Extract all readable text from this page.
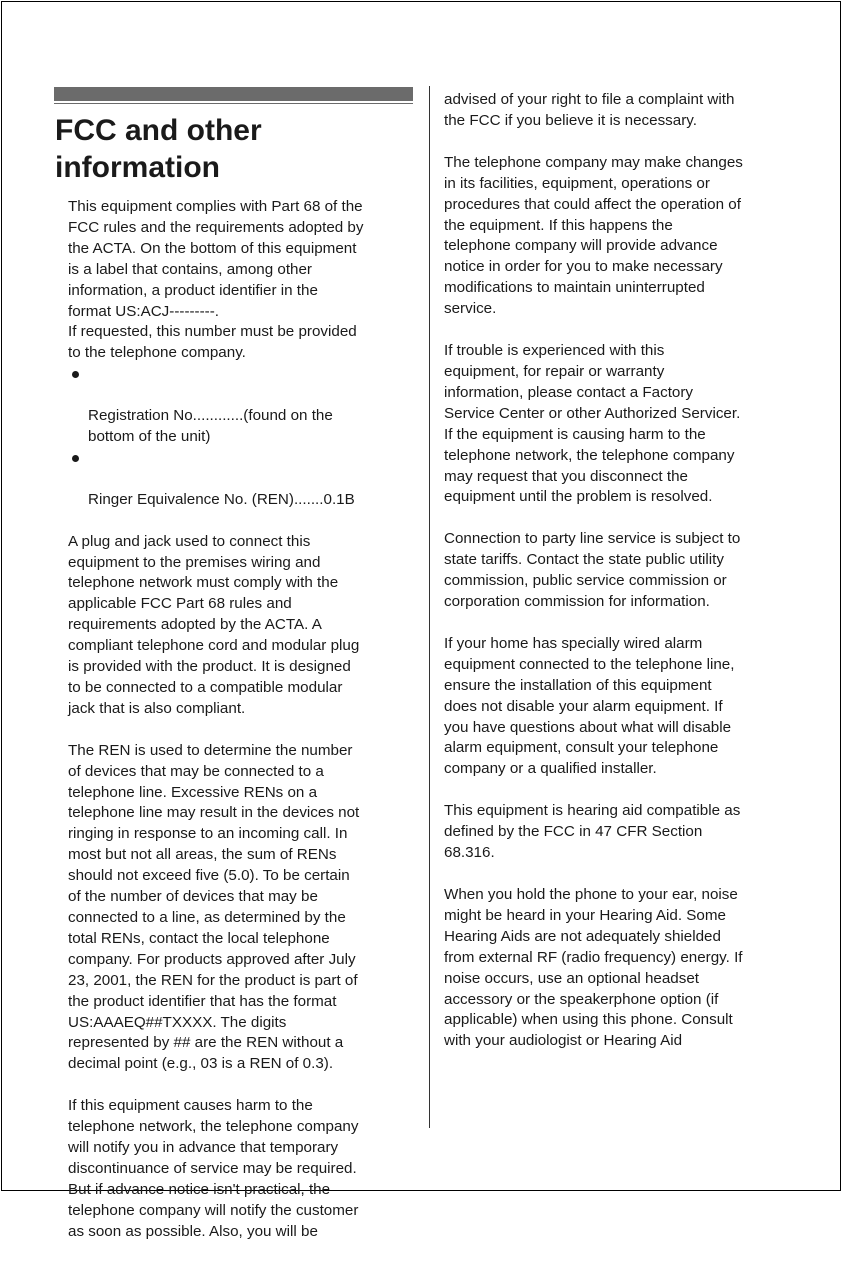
FCC and other
information

This equipment complies with Part 68 of the
FCC rules and the requirements adopted by
the ACTA. On the bottom of this equipment
is a label that contains, among other
information, a product identifier in the
format US:ACJ---------.

If requested, this number must be provided
to the telephone company.

Registration No............(found on the
bottom of the unit)

Ringer Equivalence No. (REN).......0.1B

A plug and jack used to connect this
equipment to the premises wiring and
telephone network must comply with the
applicable FCC Part 68 rules and
requirements adopted by the ACTA. A
compliant telephone cord and modular plug
is provided with the product. It is designed
to be connected to a compatible modular
jack that is also compliant.

The REN is used to determine the number
of devices that may be connected to a
telephone line. Excessive RENs on a
telephone line may result in the devices not
ringing in response to an incoming call. In
most but not all areas, the sum of RENs
should not exceed five (5.0). To be certain
of the number of devices that may be
connected to a line, as determined by the
total RENs, contact the local telephone
company. For products approved after July
23, 2001, the REN for the product is part of
the product identifier that has the format
US:AAAEQ##TXXXX. The digits
represented by ## are the REN without a
decimal point (e.g., 03 is a REN of 0.3).

If this equipment causes harm to the
telephone network, the telephone company
will notify you in advance that temporary
discontinuance of service may be required.
But if advance notice isn't practical, the
telephone company will notify the customer
as soon as possible. Also, you will be

advised of your right to file a complaint with
the FCC if you believe it is necessary.

The telephone company may make changes
in its facilities, equipment, operations or
procedures that could affect the operation of
the equipment. If this happens the
telephone company will provide advance
notice in order for you to make necessary
modifications to maintain uninterrupted
service.

If trouble is experienced with this
equipment, for repair or warranty
information, please contact a Factory
Service Center or other Authorized Servicer.
If the equipment is causing harm to the
telephone network, the telephone company
may request that you disconnect the
equipment until the problem is resolved.

Connection to party line service is subject to
state tariffs. Contact the state public utility
commission, public service commission or
corporation commission for information.

If your home has specially wired alarm
equipment connected to the telephone line,
ensure the installation of this equipment
does not disable your alarm equipment. If
you have questions about what will disable
alarm equipment, consult your telephone
company or a qualified installer.

This equipment is hearing aid compatible as
defined by the FCC in 47 CFR Section
68.316.

When you hold the phone to your ear, noise
might be heard in your Hearing Aid. Some
Hearing Aids are not adequately shielded
from external RF (radio frequency) energy. If
noise occurs, use an optional headset
accessory or the speakerphone option (if
applicable) when using this phone. Consult
with your audiologist or Hearing Aid
